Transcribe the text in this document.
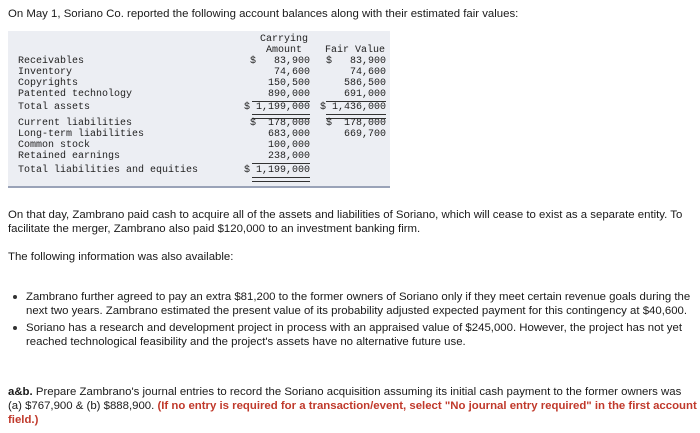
On May 1, Soriano Co. reported the following account balances along with their estimated fair values:
Carrying
Amount	Fair Value
Receivables	$ 83,900 $ 83,900
Inventory	74,600	74,600
Copyrights	150,500	586,500
Patented technology	890,000	691,000
Total assets	$ 1,199,000 $ 1,436,000
Current liabilities	$ 178,000 $ 178,000
Long-term liabilities	683,000	669,700
Common stock	100,000
Retained earnings	238,000
Total liabilities and equities	$ 1,199,000
On that day, Zambrano paid cash to acquire all of the assets and liabilities of Soriano, which will cease to exist as a separate entity. To facilitate the merger, Zambrano also paid $120,000 to an investment banking firm.
The following information was also available:
Zambrano further agreed to pay an extra $81,200 to the former owners of Soriano only if they meet certain revenue goals during the next two years. Zambrano estimated the present value of its probability adjusted expected payment for this contingency at $40,600.
Soriano has a research and development project in process with an appraised value of $245,000. However, the project has not yet reached technological feasibility and the project's assets have no alternative future use.
a&b. Prepare Zambrano's journal entries to record the Soriano acquisition assuming its initial cash payment to the former owners was (a) $767,900 & (b) $888,900. (If no entry is required for a transaction/event, select "No journal entry required" in the first account field.)
